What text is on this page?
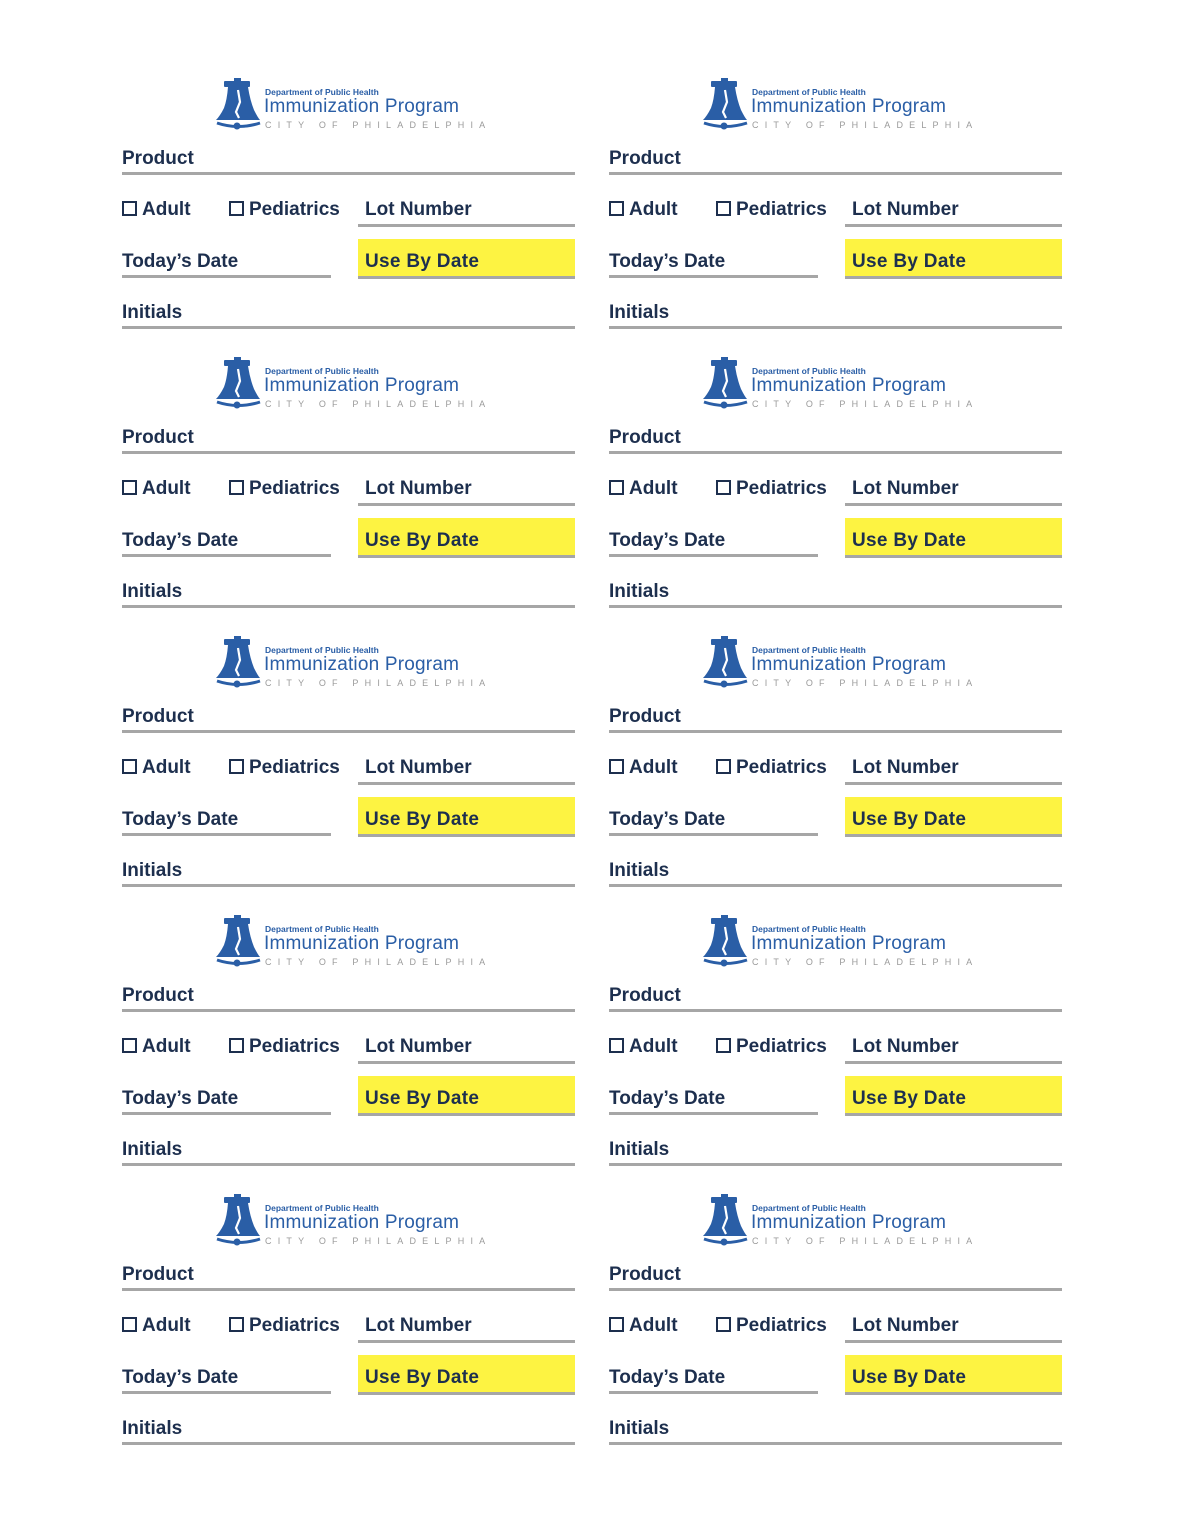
Department of Public Health
Immunization Program
CITY OF PHILADELPHIA
Product
Adult	Pediatrics Lot Number
Today’s Date	Use By Date
Initials
Department of Public Health
Immunization Program
CITY OF PHILADELPHIA
Product
Adult	Pediatrics Lot Number
Today’s Date	Use By Date
Initials
Department of Public Health
Immunization Program
CITY OF PHILADELPHIA
Product
Adult	Pediatrics Lot Number
Today’s Date	Use By Date
Initials
Department of Public Health
Immunization Program
CITY OF PHILADELPHIA
Product
Adult	Pediatrics Lot Number
Today’s Date	Use By Date
Initials
Department of Public Health
Immunization Program
CITY OF PHILADELPHIA
Product
Adult	Pediatrics Lot Number
Today’s Date	Use By Date
Initials
Department of Public Health
Immunization Program
CITY OF PHILADELPHIA
Product
Adult	Pediatrics Lot Number
Today’s Date	Use By Date
Initials
Department of Public Health
Immunization Program
CITY OF PHILADELPHIA
Product
Adult	Pediatrics Lot Number
Today’s Date	Use By Date
Initials
Department of Public Health
Immunization Program
CITY OF PHILADELPHIA
Product
Adult	Pediatrics Lot Number
Today’s Date	Use By Date
Initials
Department of Public Health
Immunization Program
CITY OF PHILADELPHIA
Product
Adult	Pediatrics Lot Number
Today’s Date	Use By Date
Initials
Department of Public Health
Immunization Program
CITY OF PHILADELPHIA
Product
Adult	Pediatrics Lot Number
Today’s Date	Use By Date
Initials
